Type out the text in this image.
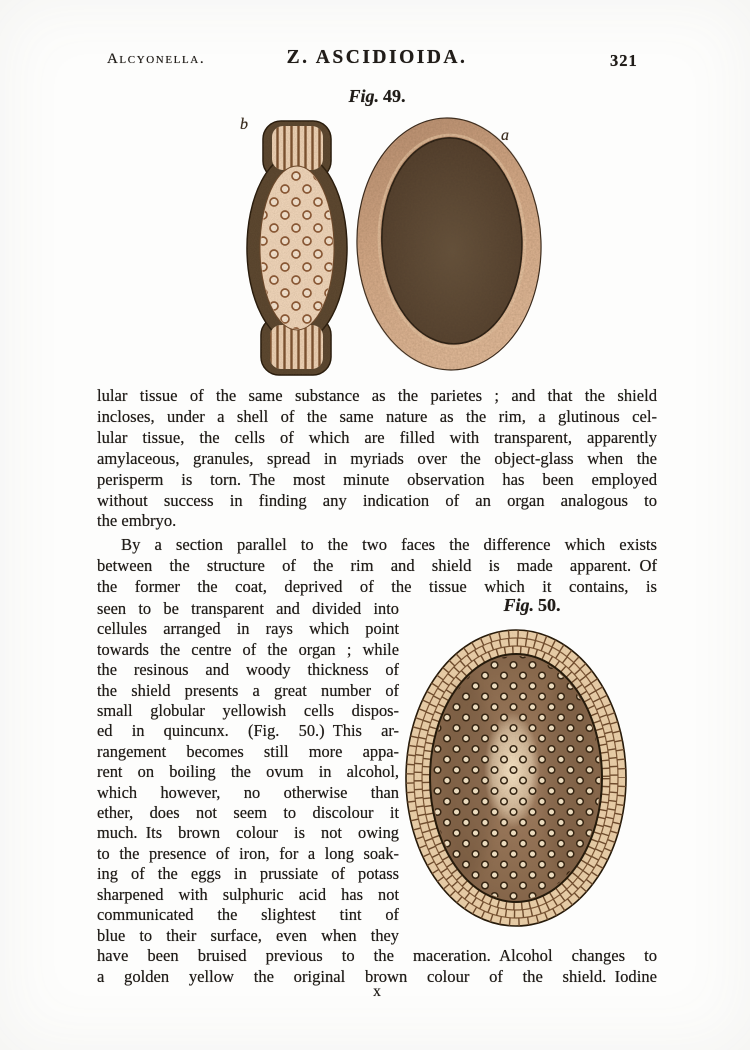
Alcyonella.	Z. ASCIDIOIDA.	321
Fig. 49.
b
a
lular tissue of the same substance as the parietes ; and that the shield
incloses, under a shell of the same nature as the rim, a glutinous cel-
lular tissue, the cells of which are filled with transparent, apparently
amylaceous, granules, spread in myriads over the object-glass when the
perisperm is torn. The most minute observation has been employed
without success in finding any indication of an organ analogous to
the embryo.
By a section parallel to the two faces the difference which exists
between the structure of the rim and shield is made apparent. Of
the former the coat, deprived of the tissue which it contains, is
seen to be transparent and divided into
cellules arranged in rays which point
towards the centre of the organ ; while
the resinous and woody thickness of
the shield presents a great number of
small globular yellowish cells dispos-
ed in quincunx. (Fig. 50.) This ar-
rangement becomes still more appa-
rent on boiling the ovum in alcohol,
which however, no otherwise than
ether, does not seem to discolour it
much. Its brown colour is not owing
to the presence of iron, for a long soak-
ing of the eggs in prussiate of potass
sharpened with sulphuric acid has not
communicated the slightest tint of
blue to their surface, even when they
Fig. 50.
have been bruised previous to the maceration. Alcohol changes to
a golden yellow the original brown colour of the shield. Iodine
x
